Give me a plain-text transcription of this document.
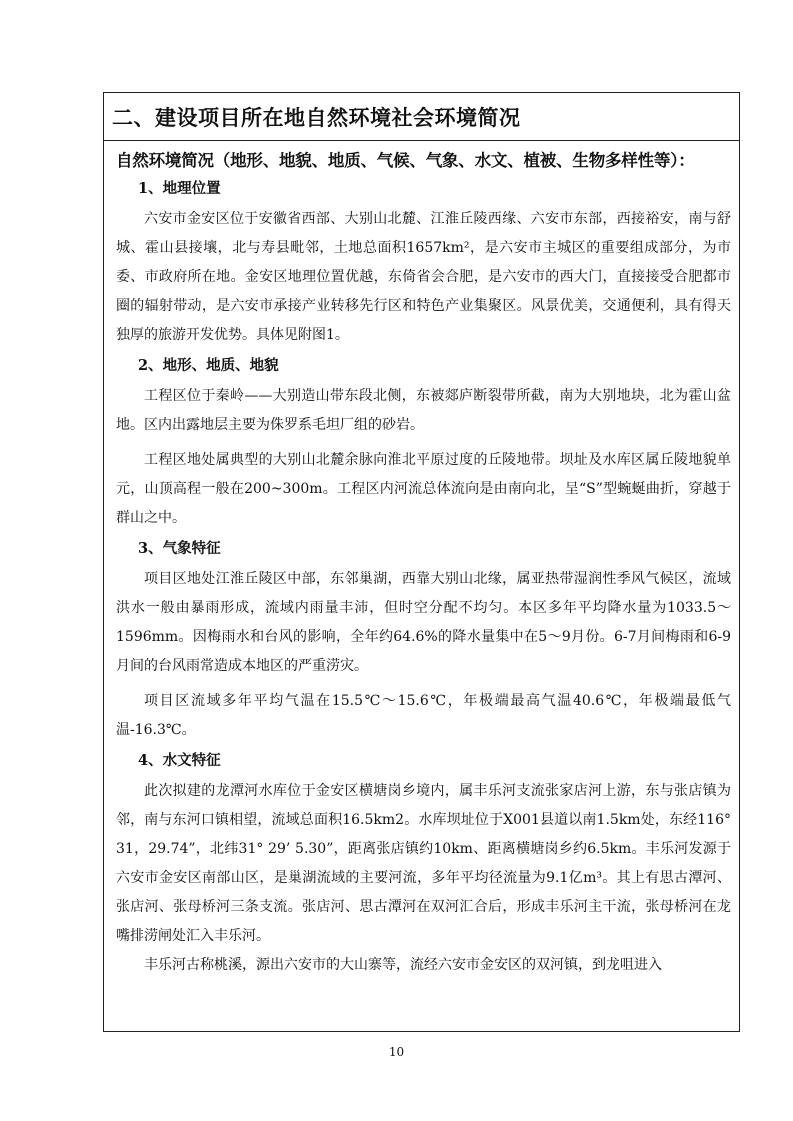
二、建设项目所在地自然环境社会环境简况
自然环境简况（地形、地貌、地质、气候、气象、水文、植被、生物多样性等）：
1、地理位置

六安市金安区位于安徽省西部、大别山北麓、江淮丘陵西缘、六安市东部，西接裕安，南与舒城、霍山县接壤，北与寿县毗邻，土地总面积1657km²，是六安市主城区的重要组成部分，为市委、市政府所在地。金安区地理位置优越，东倚省会合肥，是六安市的西大门，直接接受合肥都市圈的辐射带动，是六安市承接产业转移先行区和特色产业集聚区。风景优美，交通便利，具有得天独厚的旅游开发优势。具体见附图1。

2、地形、地质、地貌

工程区位于秦岭——大别造山带东段北侧，东被郯庐断裂带所截，南为大别地块，北为霍山盆地。区内出露地层主要为侏罗系毛坦厂组的砂岩。

工程区地处属典型的大别山北麓余脉向淮北平原过度的丘陵地带。坝址及水库区属丘陵地貌单元，山顶高程一般在200~300m。工程区内河流总体流向是由南向北，呈“S”型蜿蜒曲折，穿越于群山之中。

3、气象特征

项目区地处江淮丘陵区中部，东邻巢湖，西靠大别山北缘，属亚热带湿润性季风气候区，流域洪水一般由暴雨形成，流域内雨量丰沛，但时空分配不均匀。本区多年平均降水量为1033.5～1596mm。因梅雨水和台风的影响，全年约64.6%的降水量集中在5～9月份。6-7月间梅雨和6-9月间的台风雨常造成本地区的严重涝灾。

项目区流域多年平均气温在15.5℃～15.6℃，年极端最高气温40.6℃，年极端最低气温-16.3℃。

4、水文特征

此次拟建的龙潭河水库位于金安区横塘岗乡境内，属丰乐河支流张家店河上游，东与张店镇为邻，南与东河口镇相望，流域总面积16.5km2。水库坝址位于X001县道以南1.5km处，东经116° 31，29.74”，北纬31° 29’ 5.30”，距离张店镇约10km、距离横塘岗乡约6.5km。丰乐河发源于六安市金安区南部山区，是巢湖流域的主要河流，多年平均径流量为9.1亿m³。其上有思古潭河、张店河、张母桥河三条支流。张店河、思古潭河在双河汇合后，形成丰乐河主干流，张母桥河在龙嘴排涝闸处汇入丰乐河。

丰乐河古称桃溪，源出六安市的大山寨等，流经六安市金安区的双河镇，到龙咀进入

10
